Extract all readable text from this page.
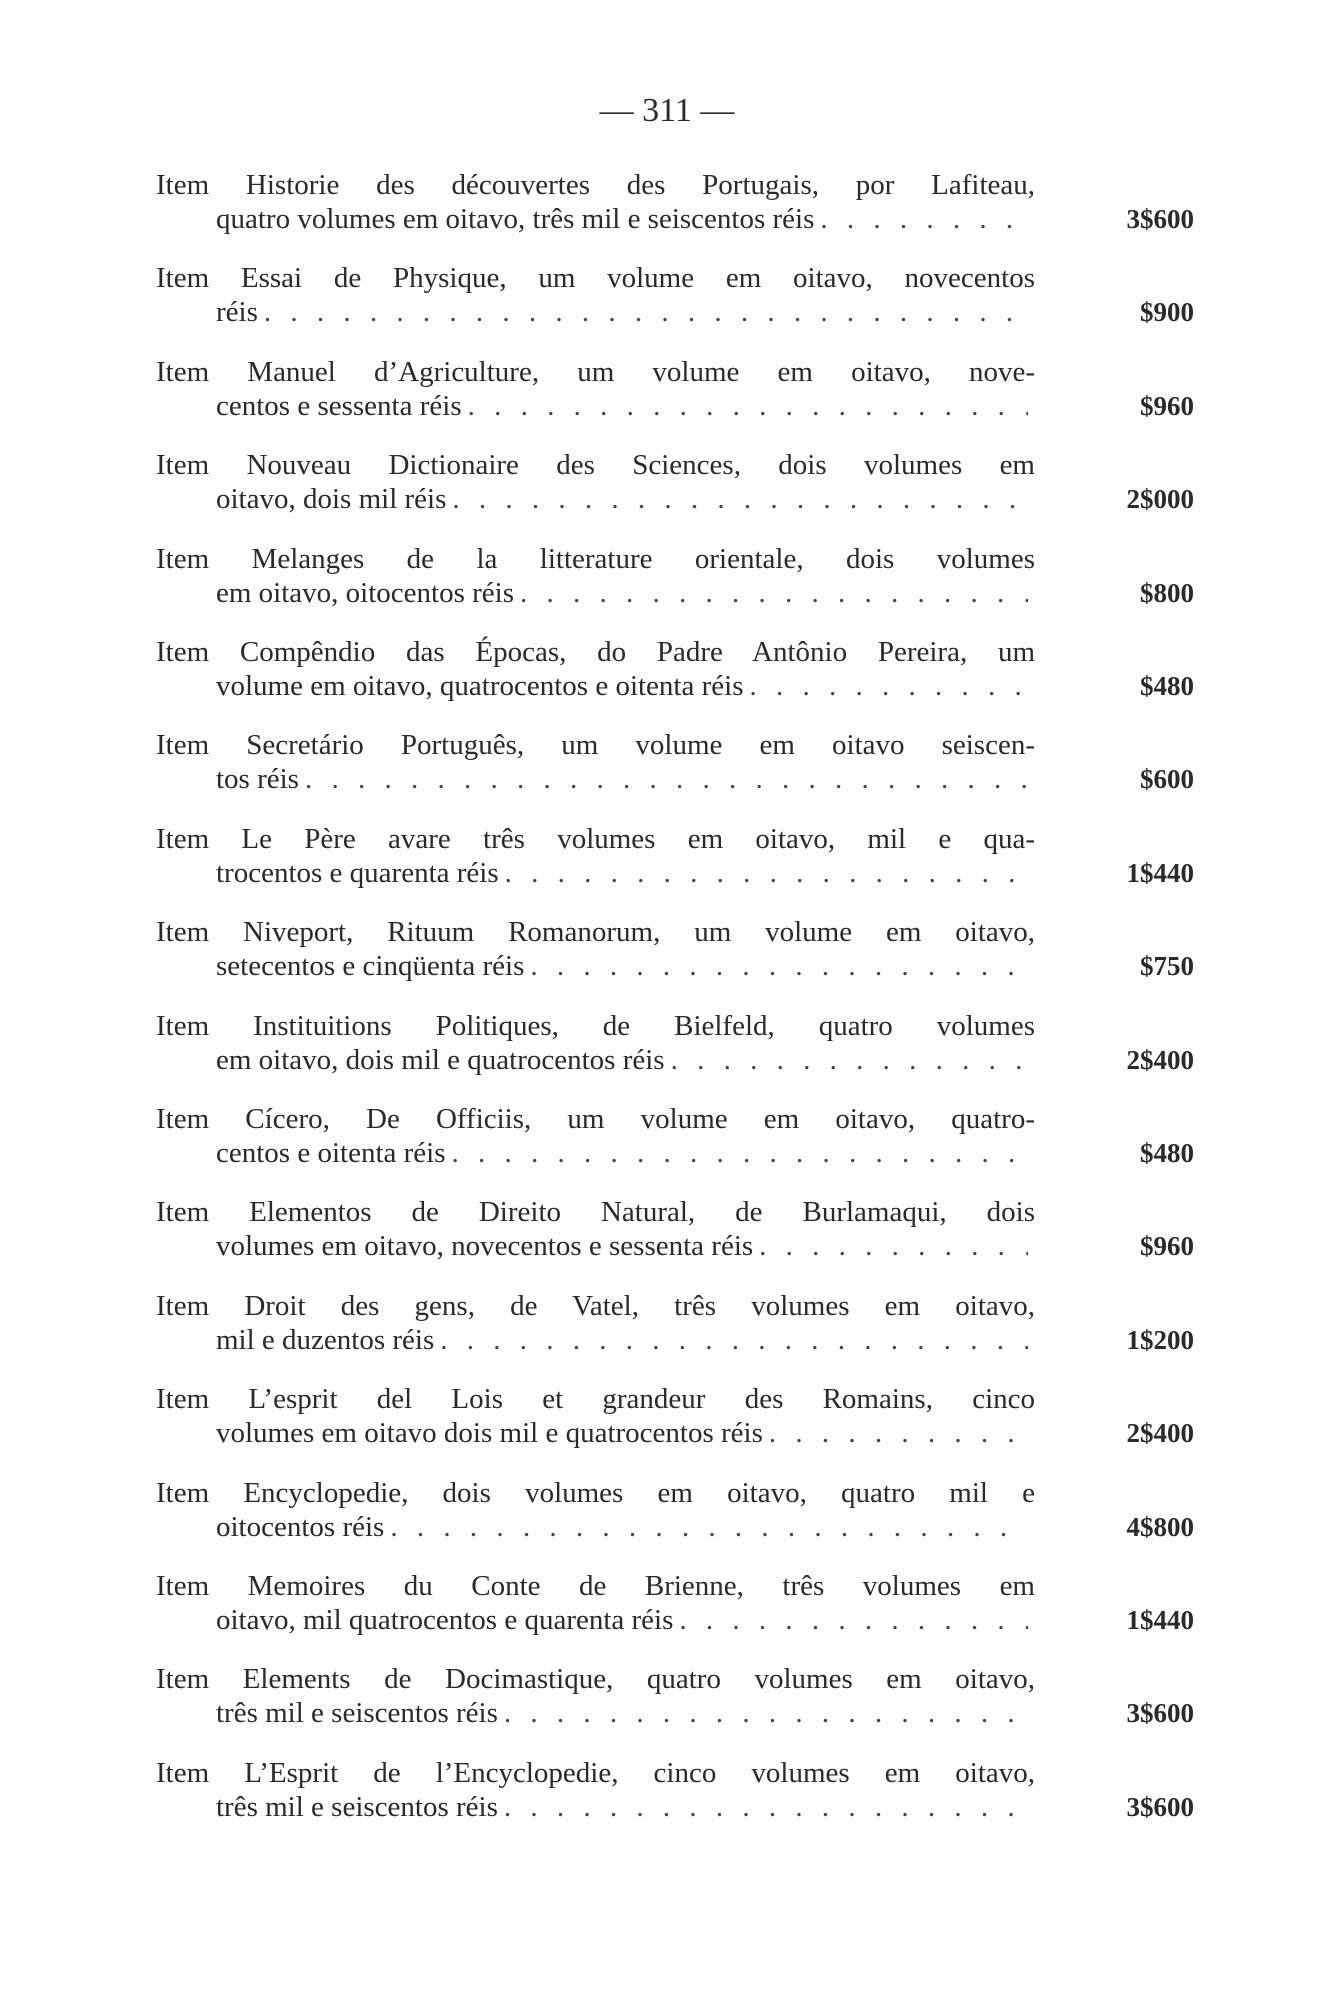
— 311 —
Item Historie des découvertes des Portugais, por Lafiteau,
quatro volumes em oitavo, três mil e seiscentos réis . . .	3$600
Item Essai de Physique, um volume em oitavo, novecentos
réis . . .	$900
Item Manuel d’Agriculture, um volume em oitavo, nove-
centos e sessenta réis . . .	$960
Item Nouveau Dictionaire des Sciences, dois volumes em
oitavo, dois mil réis . . .	2$000
Item Melanges de la litterature orientale, dois volumes
em oitavo, oitocentos réis . . .	$800
Item Compêndio das Épocas, do Padre Antônio Pereira, um
volume em oitavo, quatrocentos e oitenta réis . . .	$480
Item Secretário Português, um volume em oitavo seiscen-
tos réis . . .	$600
Item Le Père avare três volumes em oitavo, mil e qua-
trocentos e quarenta réis . . .	1$440
Item Niveport, Rituum Romanorum, um volume em oitavo,
setecentos e cinqüenta réis . . .	$750
Item Instituitions Politiques, de Bielfeld, quatro volumes
em oitavo, dois mil e quatrocentos réis . . .	2$400
Item Cícero, De Officiis, um volume em oitavo, quatro-
centos e oitenta réis . . .	$480
Item Elementos de Direito Natural, de Burlamaqui, dois
volumes em oitavo, novecentos e sessenta réis . . .	$960
Item Droit des gens, de Vatel, três volumes em oitavo,
mil e duzentos réis . . .	1$200
Item L’esprit del Lois et grandeur des Romains, cinco
volumes em oitavo dois mil e quatrocentos réis . . .	2$400
Item Encyclopedie, dois volumes em oitavo, quatro mil e
oitocentos réis . . .	4$800
Item Memoires du Conte de Brienne, três volumes em
oitavo, mil quatrocentos e quarenta réis . . .	1$440
Item Elements de Docimastique, quatro volumes em oitavo,
três mil e seiscentos réis . . .	3$600
Item L’Esprit de l’Encyclopedie, cinco volumes em oitavo,
três mil e seiscentos réis . . .	3$600
